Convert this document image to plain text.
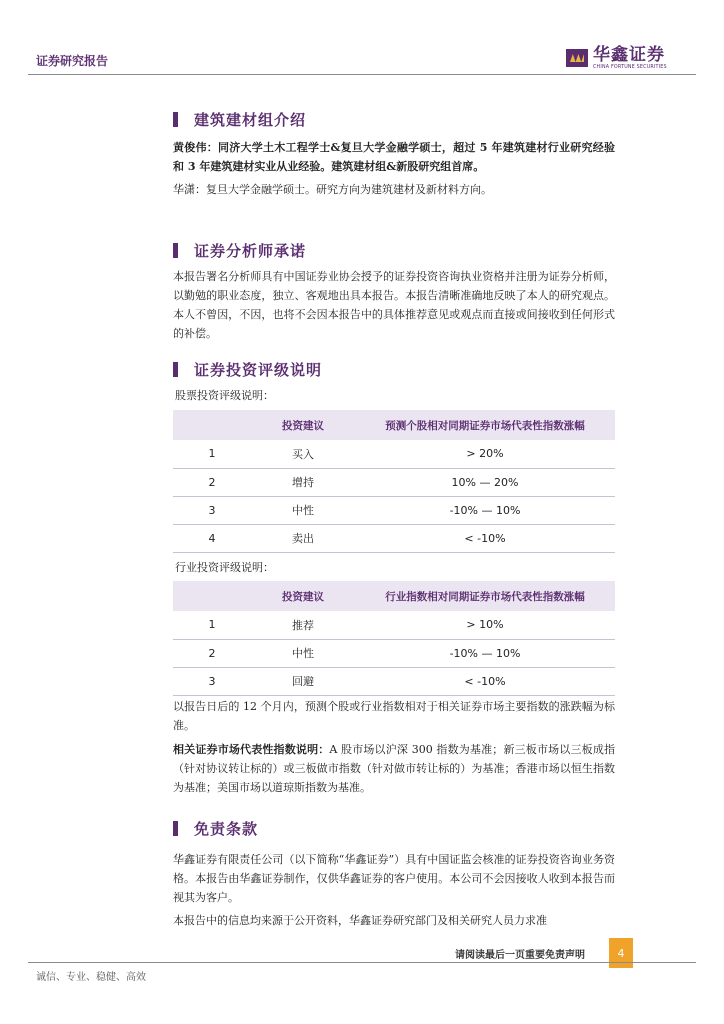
证券研究报告	华鑫证券
CHINA FORTUNE SECURITIES
建筑建材组介绍
黄俊伟：同济大学土木工程学士&复旦大学金融学硕士，超过 5 年建筑建材行业研究经验和 3 年建筑建材实业从业经验。建筑建材组&新股研究组首席。
华潇：复旦大学金融学硕士。研究方向为建筑建材及新材料方向。
证券分析师承诺
本报告署名分析师具有中国证券业协会授予的证券投资咨询执业资格并注册为证券分析师，以勤勉的职业态度，独立、客观地出具本报告。本报告清晰准确地反映了本人的研究观点。本人不曾因，不因，也将不会因本报告中的具体推荐意见或观点而直接或间接收到任何形式的补偿。
证券投资评级说明
股票投资评级说明：
	投资建议	预测个股相对同期证券市场代表性指数涨幅
1	买入	> 20%
2	增持	10% — 20%
3	中性	-10% — 10%
4	卖出	< -10%
行业投资评级说明：
	投资建议	行业指数相对同期证券市场代表性指数涨幅
1	推荐	> 10%
2	中性	-10% — 10%
3	回避	< -10%
以报告日后的 12 个月内，预测个股或行业指数相对于相关证券市场主要指数的涨跌幅为标准。
相关证券市场代表性指数说明：A 股市场以沪深 300 指数为基准；新三板市场以三板成指（针对协议转让标的）或三板做市指数（针对做市转让标的）为基准；香港市场以恒生指数为基准；美国市场以道琼斯指数为基准。
免责条款
华鑫证券有限责任公司（以下简称“华鑫证券”）具有中国证监会核准的证券投资咨询业务资格。本报告由华鑫证券制作，仅供华鑫证券的客户使用。本公司不会因接收人收到本报告而视其为客户。
本报告中的信息均来源于公开资料，华鑫证券研究部门及相关研究人员力求准
请阅读最后一页重要免责声明	4
诚信、专业、稳健、高效
